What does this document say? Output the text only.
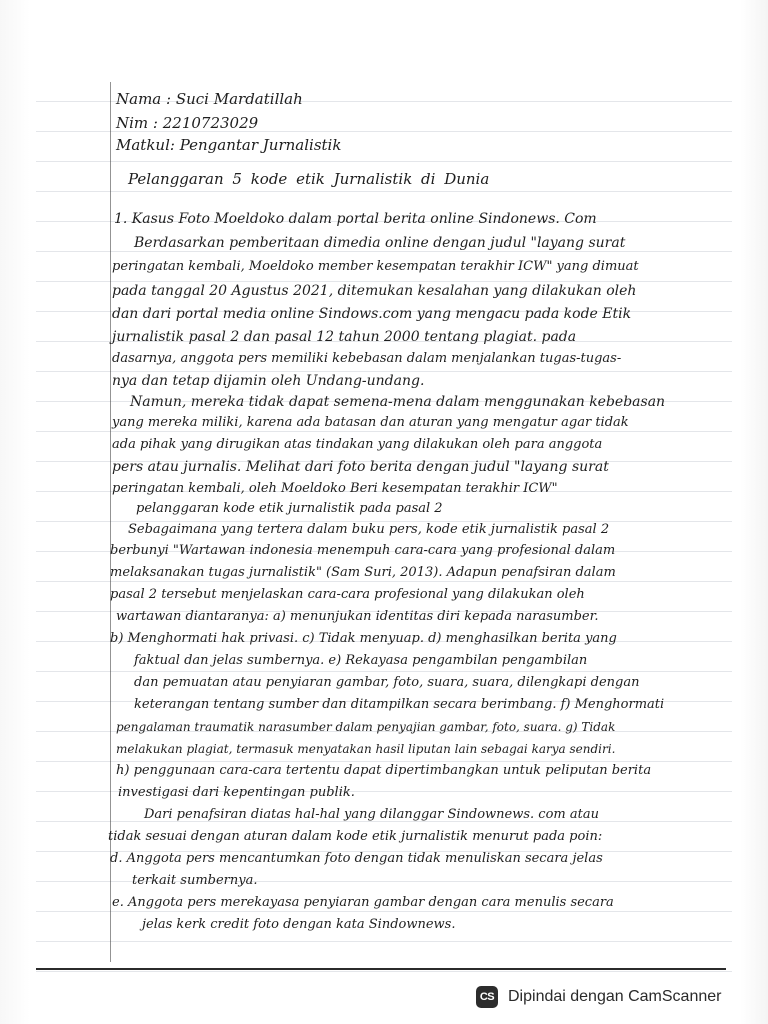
Nama : Suci Mardatillah

Nim : 2210723029

Matkul: Pengantar Jurnalistik

Pelanggaran 5 kode etik Jurnalistik di Dunia

1. Kasus Foto Moeldoko dalam portal berita online Sindonews. Com

Berdasarkan pemberitaan dimedia online dengan judul "layang surat

peringatan kembali, Moeldoko member kesempatan terakhir ICW" yang dimuat

pada tanggal 20 Agustus 2021, ditemukan kesalahan yang dilakukan oleh

dan dari portal media online Sindows.com yang mengacu pada kode Etik

jurnalistik pasal 2 dan pasal 12 tahun 2000 tentang plagiat. pada

dasarnya, anggota pers memiliki kebebasan dalam menjalankan tugas-tugas-

nya dan tetap dijamin oleh Undang-undang.

Namun, mereka tidak dapat semena-mena dalam menggunakan kebebasan

yang mereka miliki, karena ada batasan dan aturan yang mengatur agar tidak

ada pihak yang dirugikan atas tindakan yang dilakukan oleh para anggota

pers atau jurnalis. Melihat dari foto berita dengan judul "layang surat

peringatan kembali, oleh Moeldoko Beri kesempatan terakhir ICW"

pelanggaran kode etik jurnalistik pada pasal 2

Sebagaimana yang tertera dalam buku pers, kode etik jurnalistik pasal 2

berbunyi "Wartawan indonesia menempuh cara-cara yang profesional dalam

melaksanakan tugas jurnalistik" (Sam Suri, 2013). Adapun penafsiran dalam

pasal 2 tersebut menjelaskan cara-cara profesional yang dilakukan oleh

wartawan diantaranya: a) menunjukan identitas diri kepada narasumber.

b) Menghormati hak privasi. c) Tidak menyuap. d) menghasilkan berita yang

faktual dan jelas sumbernya. e) Rekayasa pengambilan pengambilan

dan pemuatan atau penyiaran gambar, foto, suara, suara, dilengkapi dengan

keterangan tentang sumber dan ditampilkan secara berimbang. f) Menghormati

pengalaman traumatik narasumber dalam penyajian gambar, foto, suara. g) Tidak

melakukan plagiat, termasuk menyatakan hasil liputan lain sebagai karya sendiri.

h) penggunaan cara-cara tertentu dapat dipertimbangkan untuk peliputan berita

investigasi dari kepentingan publik.

Dari penafsiran diatas hal-hal yang dilanggar Sindownews. com atau

tidak sesuai dengan aturan dalam kode etik jurnalistik menurut pada poin:

d. Anggota pers mencantumkan foto dengan tidak menuliskan secara jelas

terkait sumbernya.

e. Anggota pers merekayasa penyiaran gambar dengan cara menulis secara

jelas kerk credit foto dengan kata Sindownews.

CS Dipindai dengan CamScanner
